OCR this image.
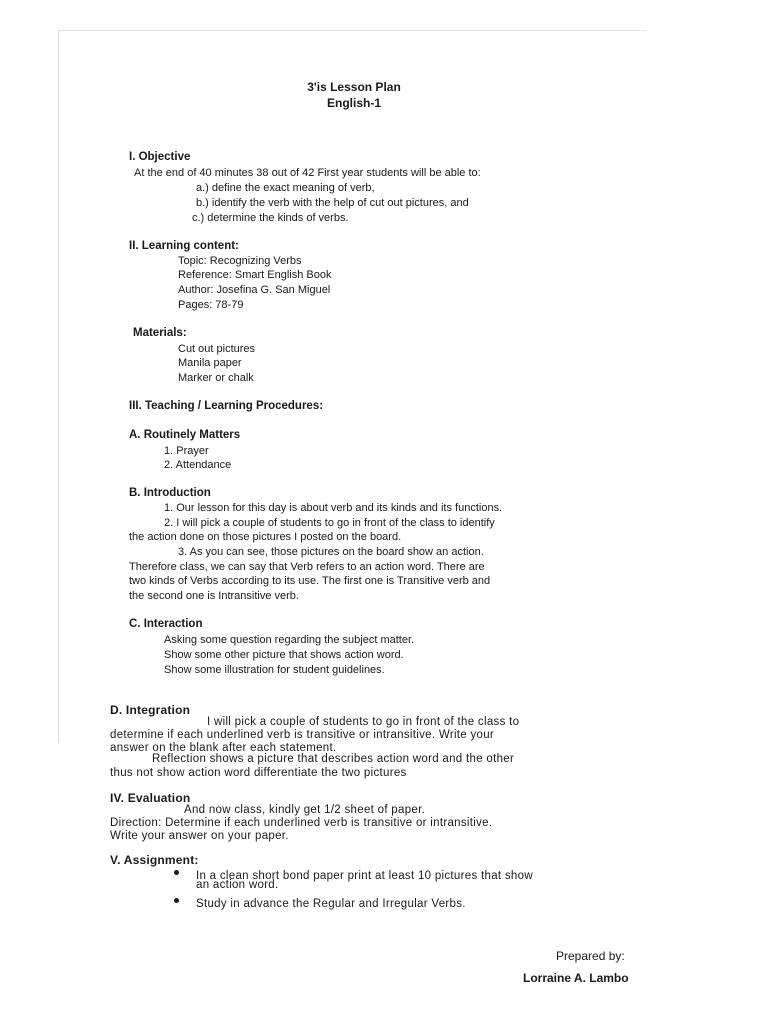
3'is Lesson Plan

English-1

I. Objective

At the end of 40 minutes 38 out of 42 First year students will be able to:

a.) define the exact meaning of verb,

b.) identify the verb with the help of cut out pictures, and

c.) determine the kinds of verbs.

II. Learning content:

Topic: Recognizing Verbs

Reference: Smart English Book

Author: Josefina G. San Miguel

Pages: 78-79

Materials:

Cut out pictures

Manila paper

Marker or chalk

III. Teaching / Learning Procedures:

A. Routinely Matters

1. Prayer

2. Attendance

B. Introduction

1. Our lesson for this day is about verb and its kinds and its functions.

2. I will pick a couple of students to go in front of the class to identify

the action done on those pictures I posted on the board.

3. As you can see, those pictures on the board show an action.

Therefore class, we can say that Verb refers to an action word. There are

two kinds of Verbs according to its use. The first one is Transitive verb and

the second one is Intransitive verb.

C. Interaction

Asking some question regarding the subject matter.

Show some other picture that shows action word.

Show some illustration for student guidelines.

D. Integration

I will pick a couple of students to go in front of the class to

determine if each underlined verb is transitive or intransitive. Write your

answer on the blank after each statement.

Reflection shows a picture that describes action word and the other

thus not show action word differentiate the two pictures

IV. Evaluation

And now class, kindly get 1/2 sheet of paper.

Direction: Determine if each underlined verb is transitive or intransitive.

Write your answer on your paper.

V. Assignment:

In a clean short bond paper print at least 10 pictures that show

an action word.

Study in advance the Regular and Irregular Verbs.

Prepared by:

Lorraine A. Lambo
